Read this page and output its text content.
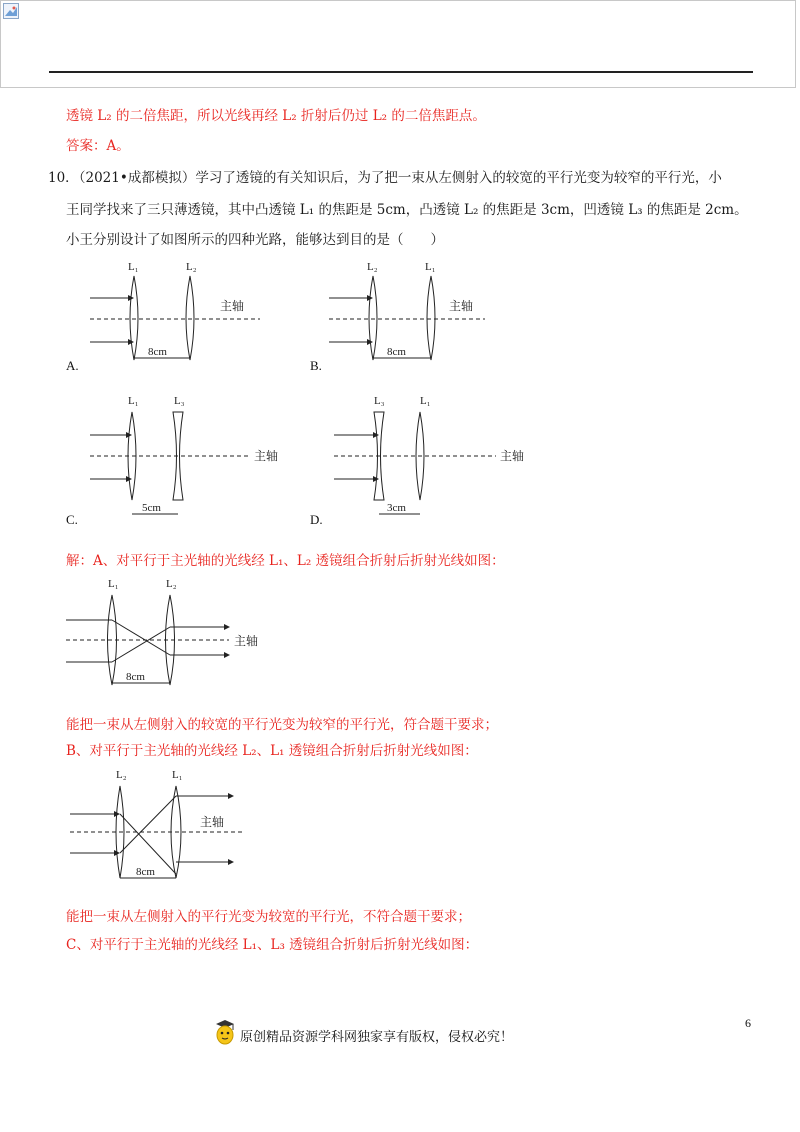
透镜 L₂ 的二倍焦距，所以光线再经 L₂ 折射后仍过 L₂ 的二倍焦距点。
答案：A。
10．
（2021•成都模拟）学习了透镜的有关知识后，为了把一束从左侧射入的较宽的平行光变为较窄的平行光，小
王同学找来了三只薄透镜，其中凸透镜 L₁ 的焦距是 5cm，凸透镜 L₂ 的焦距是 3cm，凹透镜 L₃ 的焦距是 2cm。
小王分别设计了如图所示的四种光路，能够达到目的是（　　）
L₁	L₂
主轴
8cm
A.
L₂	L₁
主轴
8cm
B.
L₁	L₃
主轴
5cm
C.
L₃	L₁
主轴
3cm
D.
解：A、对平行于主光轴的光线经 L₁、L₂ 透镜组合折射后折射光线如图：
L₁	L₂
主轴
8cm
能把一束从左侧射入的较宽的平行光变为较窄的平行光，符合题干要求；
B、对平行于主光轴的光线经 L₂、L₁ 透镜组合折射后折射光线如图：
L₂	L₁
主轴
8cm
能把一束从左侧射入的平行光变为较宽的平行光，不符合题干要求；
C、对平行于主光轴的光线经 L₁、L₃ 透镜组合折射后折射光线如图：
原创精品资源学科网独家享有版权，侵权必究！
6
